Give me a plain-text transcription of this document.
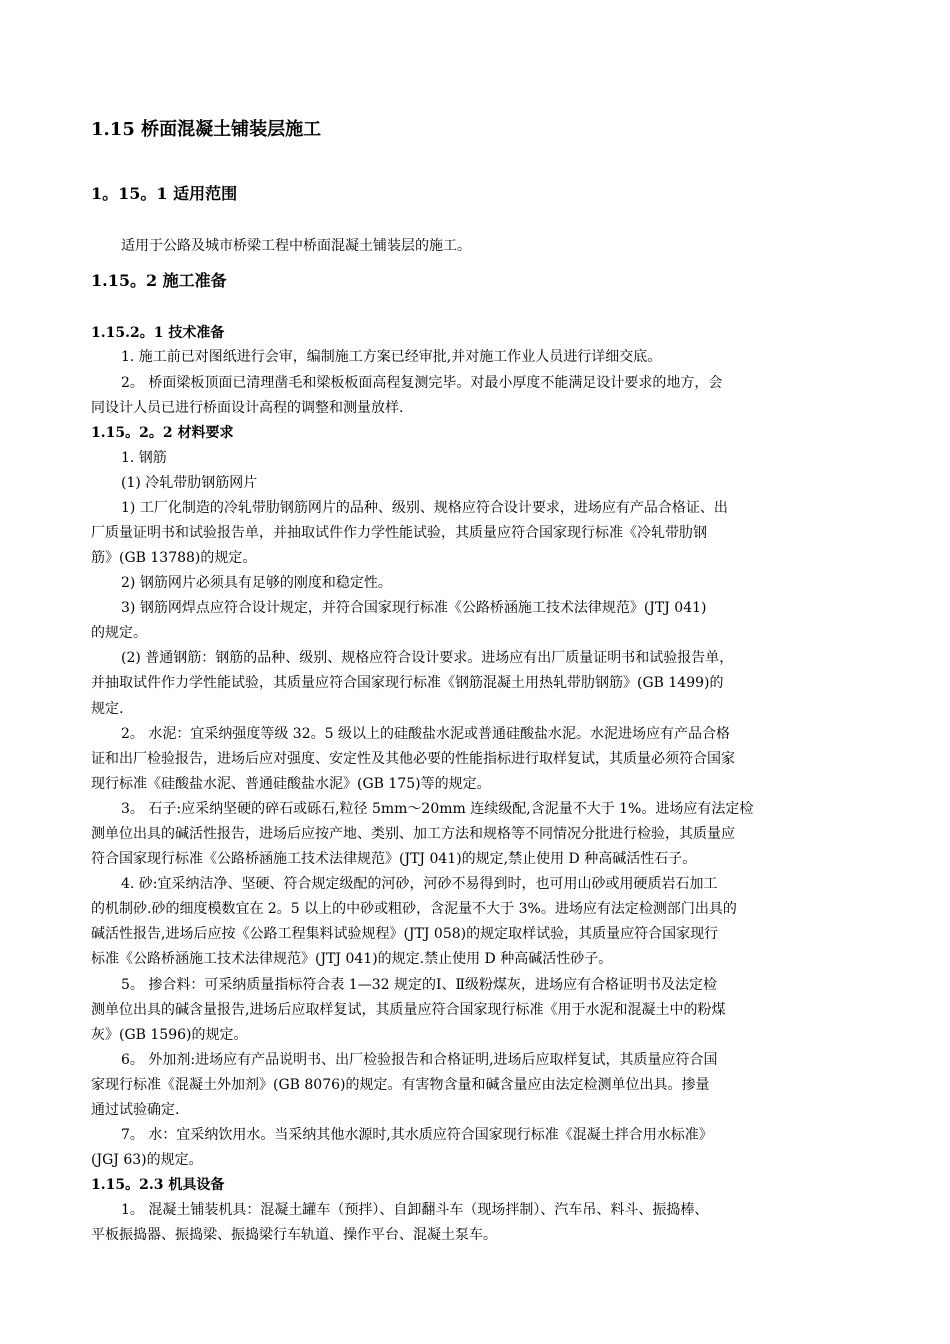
1.15 桥面混凝土铺装层施工
1。15。1 适用范围
适用于公路及城市桥梁工程中桥面混凝土铺装层的施工。
1.15。2 施工准备
1.15.2。1 技术准备
1. 施工前已对图纸进行会审，编制施工方案已经审批,并对施工作业人员进行详细交底。
2。 桥面梁板顶面已清理凿毛和梁板板面高程复测完毕。对最小厚度不能满足设计要求的地方，会
同设计人员已进行桥面设计高程的调整和测量放样.
1.15。2。2 材料要求
1. 钢筋
(1) 冷轧带肋钢筋网片
1) 工厂化制造的冷轧带肋钢筋网片的品种、级别、规格应符合设计要求，进场应有产品合格证、出
厂质量证明书和试验报告单，并抽取试件作力学性能试验，其质量应符合国家现行标准《冷轧带肋钢
筋》(GB 13788)的规定。
2) 钢筋网片必须具有足够的刚度和稳定性。
3) 钢筋网焊点应符合设计规定，并符合国家现行标准《公路桥涵施工技术法律规范》(JTJ 041)
的规定。
(2) 普通钢筋：钢筋的品种、级别、规格应符合设计要求。进场应有出厂质量证明书和试验报告单，
并抽取试件作力学性能试验，其质量应符合国家现行标准《钢筋混凝土用热轧带肋钢筋》(GB 1499)的
规定.
2。 水泥：宜采纳强度等级 32。5 级以上的硅酸盐水泥或普通硅酸盐水泥。水泥进场应有产品合格
证和出厂检验报告，进场后应对强度、安定性及其他必要的性能指标进行取样复试，其质量必须符合国家
现行标准《硅酸盐水泥、普通硅酸盐水泥》(GB 175)等的规定。
3。 石子:应采纳坚硬的碎石或砾石,粒径 5mm～20mm 连续级配,含泥量不大于 1%。进场应有法定检
测单位出具的碱活性报告，进场后应按产地、类别、加工方法和规格等不同情况分批进行检验，其质量应
符合国家现行标准《公路桥涵施工技术法律规范》(JTJ 041)的规定,禁止使用 D 种高碱活性石子。
4. 砂:宜采纳洁净、坚硬、符合规定级配的河砂，河砂不易得到时，也可用山砂或用硬质岩石加工
的机制砂.砂的细度模数宜在 2。5 以上的中砂或粗砂，含泥量不大于 3%。进场应有法定检测部门出具的
碱活性报告,进场后应按《公路工程集料试验规程》(JTJ 058)的规定取样试验，其质量应符合国家现行
标准《公路桥涵施工技术法律规范》(JTJ 041)的规定.禁止使用 D 种高碱活性砂子。
5。 掺合料：可采纳质量指标符合表 1—32 规定的Ⅰ、Ⅱ级粉煤灰，进场应有合格证明书及法定检
测单位出具的碱含量报告,进场后应取样复试，其质量应符合国家现行标准《用于水泥和混凝土中的粉煤
灰》(GB 1596)的规定。
6。 外加剂:进场应有产品说明书、出厂检验报告和合格证明,进场后应取样复试，其质量应符合国
家现行标准《混凝土外加剂》(GB 8076)的规定。有害物含量和碱含量应由法定检测单位出具。掺量
通过试验确定.
7。 水：宜采纳饮用水。当采纳其他水源时,其水质应符合国家现行标准《混凝土拌合用水标准》
(JGJ 63)的规定。
1.15。2.3 机具设备
1。 混凝土铺装机具：混凝土罐车（预拌）、自卸翻斗车（现场拌制）、汽车吊、料斗、振捣棒、
平板振捣器、振捣梁、振捣梁行车轨道、操作平台、混凝土泵车。
